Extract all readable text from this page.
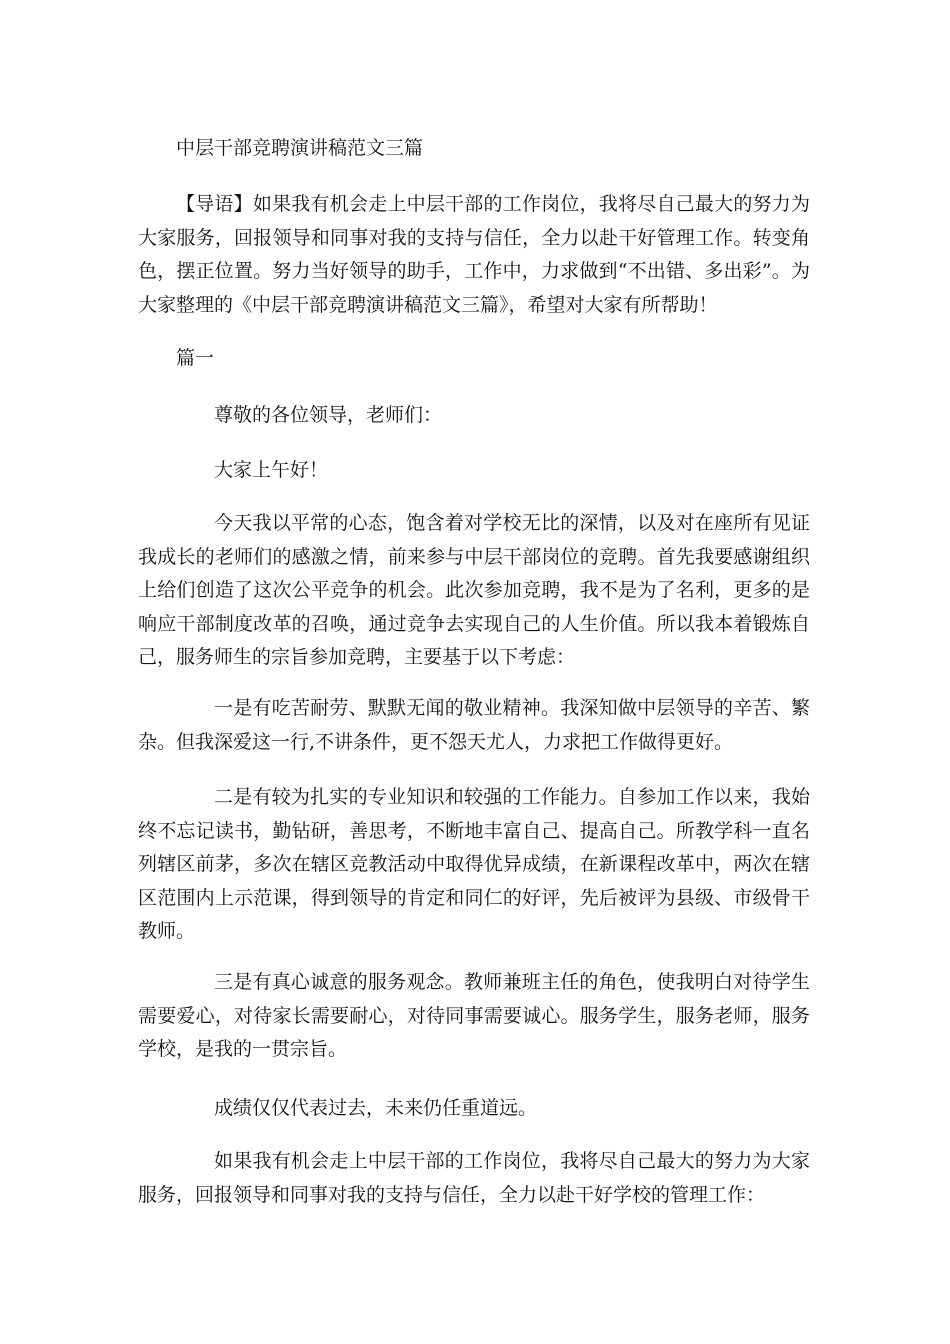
中层干部竞聘演讲稿范文三篇

【导语】如果我有机会走上中层干部的工作岗位，我将尽自己最大的努力为大家服务，回报领导和同事对我的支持与信任，全力以赴干好管理工作。转变角色，摆正位置。努力当好领导的助手，工作中，力求做到“不出错、多出彩”。为大家整理的《中层干部竞聘演讲稿范文三篇》，希望对大家有所帮助！

篇一

尊敬的各位领导，老师们：

大家上午好！

今天我以平常的心态，饱含着对学校无比的深情，以及对在座所有见证我成长的老师们的感激之情，前来参与中层干部岗位的竞聘。首先我要感谢组织上给们创造了这次公平竞争的机会。此次参加竞聘，我不是为了名利，更多的是响应干部制度改革的召唤，通过竞争去实现自己的人生价值。所以我本着锻炼自己，服务师生的宗旨参加竞聘，主要基于以下考虑：

一是有吃苦耐劳、默默无闻的敬业精神。我深知做中层领导的辛苦、繁杂。但我深爱这一行,不讲条件，更不怨天尤人，力求把工作做得更好。

二是有较为扎实的专业知识和较强的工作能力。自参加工作以来，我始终不忘记读书，勤钻研，善思考，不断地丰富自己、提高自己。所教学科一直名列辖区前茅，多次在辖区竞教活动中取得优异成绩，在新课程改革中，两次在辖区范围内上示范课，得到领导的肯定和同仁的好评，先后被评为县级、市级骨干教师。

三是有真心诚意的服务观念。教师兼班主任的角色，使我明白对待学生需要爱心，对待家长需要耐心，对待同事需要诚心。服务学生，服务老师，服务学校，是我的一贯宗旨。

成绩仅仅代表过去，未来仍任重道远。

如果我有机会走上中层干部的工作岗位，我将尽自己最大的努力为大家服务，回报领导和同事对我的支持与信任，全力以赴干好学校的管理工作：
